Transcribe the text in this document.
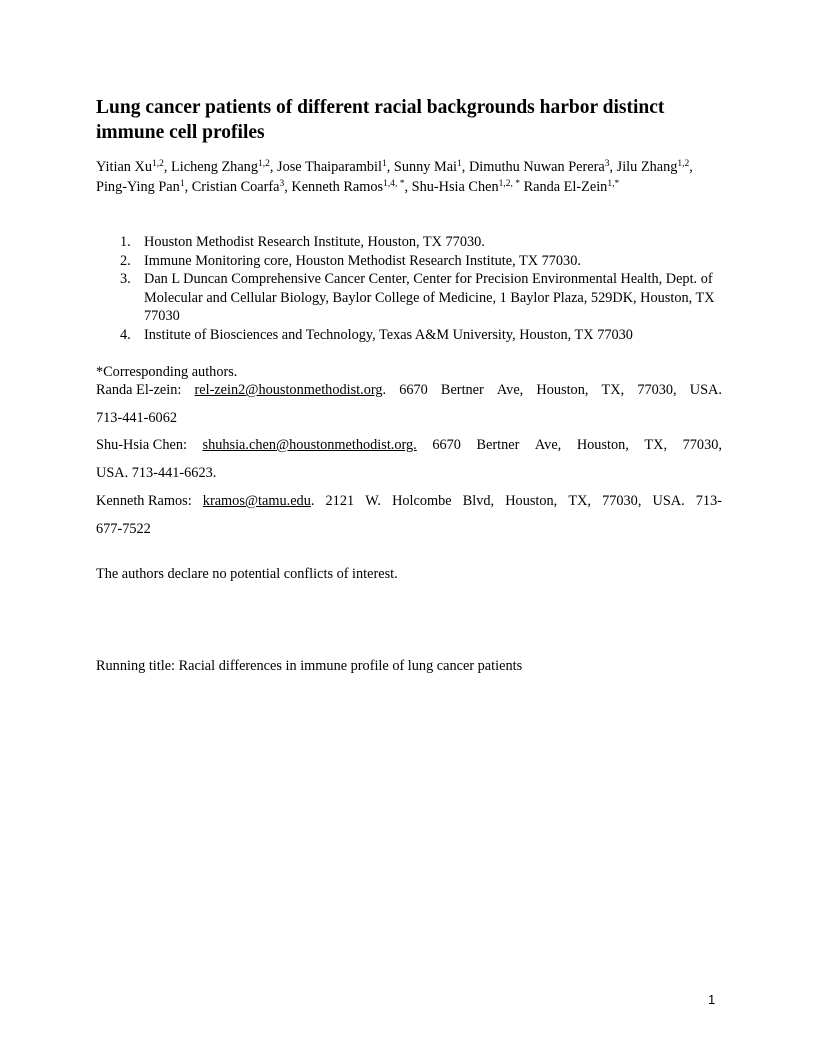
Lung cancer patients of different racial backgrounds harbor distinct immune cell profiles
Yitian Xu$^{1,2}$, Licheng Zhang$^{1,2}$, Jose Thaiparambil$^1$, Sunny Mai$^1$, Dimuthu Nuwan Perera$^3$, Jilu Zhang$^{1,2}$, Ping-Ying Pan$^1$, Cristian Coarfa$^3$, Kenneth Ramos$^{1,4, *}$, Shu-Hsia Chen$^{1,2, *}$ Randa El-Zein$^{1,*}$
1. Houston Methodist Research Institute, Houston, TX 77030.
2. Immune Monitoring core, Houston Methodist Research Institute, TX 77030.
3. Dan L Duncan Comprehensive Cancer Center, Center for Precision Environmental Health, Dept. of Molecular and Cellular Biology, Baylor College of Medicine, 1 Baylor Plaza, 529DK, Houston, TX 77030
4. Institute of Biosciences and Technology, Texas A&M University, Houston, TX 77030
*Corresponding authors.
Randa El-zein: rel-zein2@houstonmethodist.org. 6670 Bertner Ave, Houston, TX, 77030, USA.
713-441-6062
Shu-Hsia Chen: shuhsia.chen@houstonmethodist.org. 6670 Bertner Ave, Houston, TX, 77030,
USA. 713-441-6623.
Kenneth Ramos: kramos@tamu.edu. 2121 W. Holcombe Blvd, Houston, TX, 77030, USA. 713-
677-7522
The authors declare no potential conflicts of interest.
Running title: Racial differences in immune profile of lung cancer patients
1
